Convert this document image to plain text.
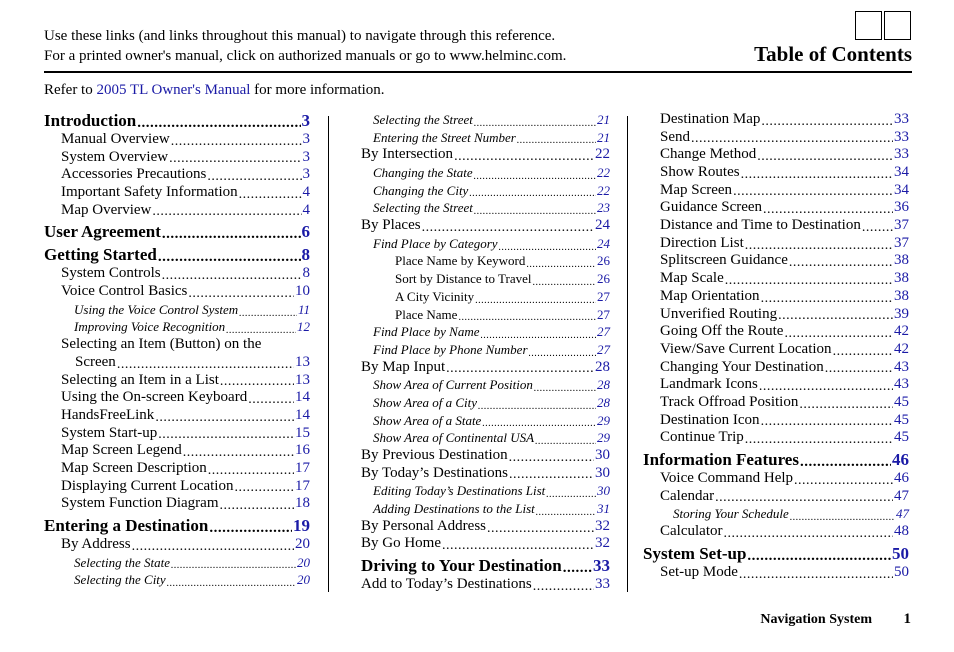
Use these links (and links throughout this manual) to navigate through this reference.
For a printed owner's manual, click on authorized manuals or go to www.helminc.com.	Table of Contents
Refer to 2005 TL Owner's Manual for more information.
Introduction .....	3
Manual Overview .....	3
System Overview .....	3
Accessories Precautions .....	3
Important Safety Information .....	4
Map Overview .....	4
User Agreement .....	6
Getting Started .....	8
System Controls .....	8
Voice Control Basics .....	10
Using the Voice Control System .....	11
Improving Voice Recognition .....	12
Selecting an Item (Button) on the
Screen .....	13
Selecting an Item in a List .....	13
Using the On-screen Keyboard .....	14
HandsFreeLink .....	14
System Start-up .....	15
Map Screen Legend .....	16
Map Screen Description .....	17
Displaying Current Location .....	17
System Function Diagram .....	18
Entering a Destination .....	19
By Address .....	20
Selecting the State .....	20
Selecting the City .....	20
Selecting the Street .....	21
Entering the Street Number .....	21
By Intersection .....	22
Changing the State .....	22
Changing the City .....	22
Selecting the Street .....	23
By Places .....	24
Find Place by Category .....	24
Place Name by Keyword .....	26
Sort by Distance to Travel .....	26
A City Vicinity .....	27
Place Name .....	27
Find Place by Name .....	27
Find Place by Phone Number .....	27
By Map Input .....	28
Show Area of Current Position .....	28
Show Area of a City .....	28
Show Area of a State .....	29
Show Area of Continental USA .....	29
By Previous Destination .....	30
By Today’s Destinations .....	30
Editing Today’s Destinations List .....	30
Adding Destinations to the List .....	31
By Personal Address .....	32
By Go Home .....	32
Driving to Your Destination ..... 33
Add to Today’s Destinations .....	33
Destination Map .....	33
Send .....	33
Change Method .....	33
Show Routes .....	34
Map Screen .....	34
Guidance Screen .....	36
Distance and Time to Destination ..... 37
Direction List .....	37
Splitscreen Guidance .....	38
Map Scale .....	38
Map Orientation .....	38
Unverified Routing .....	39
Going Off the Route .....	42
View/Save Current Location .....	42
Changing Your Destination .....	43
Landmark Icons .....	43
Track Offroad Position .....	45
Destination Icon .....	45
Continue Trip .....	45
Information Features .....	46
Voice Command Help .....	46
Calendar .....	47
Storing Your Schedule .....	47
Calculator .....	48
System Set-up .....	50
Set-up Mode .....	50
Navigation System 1
